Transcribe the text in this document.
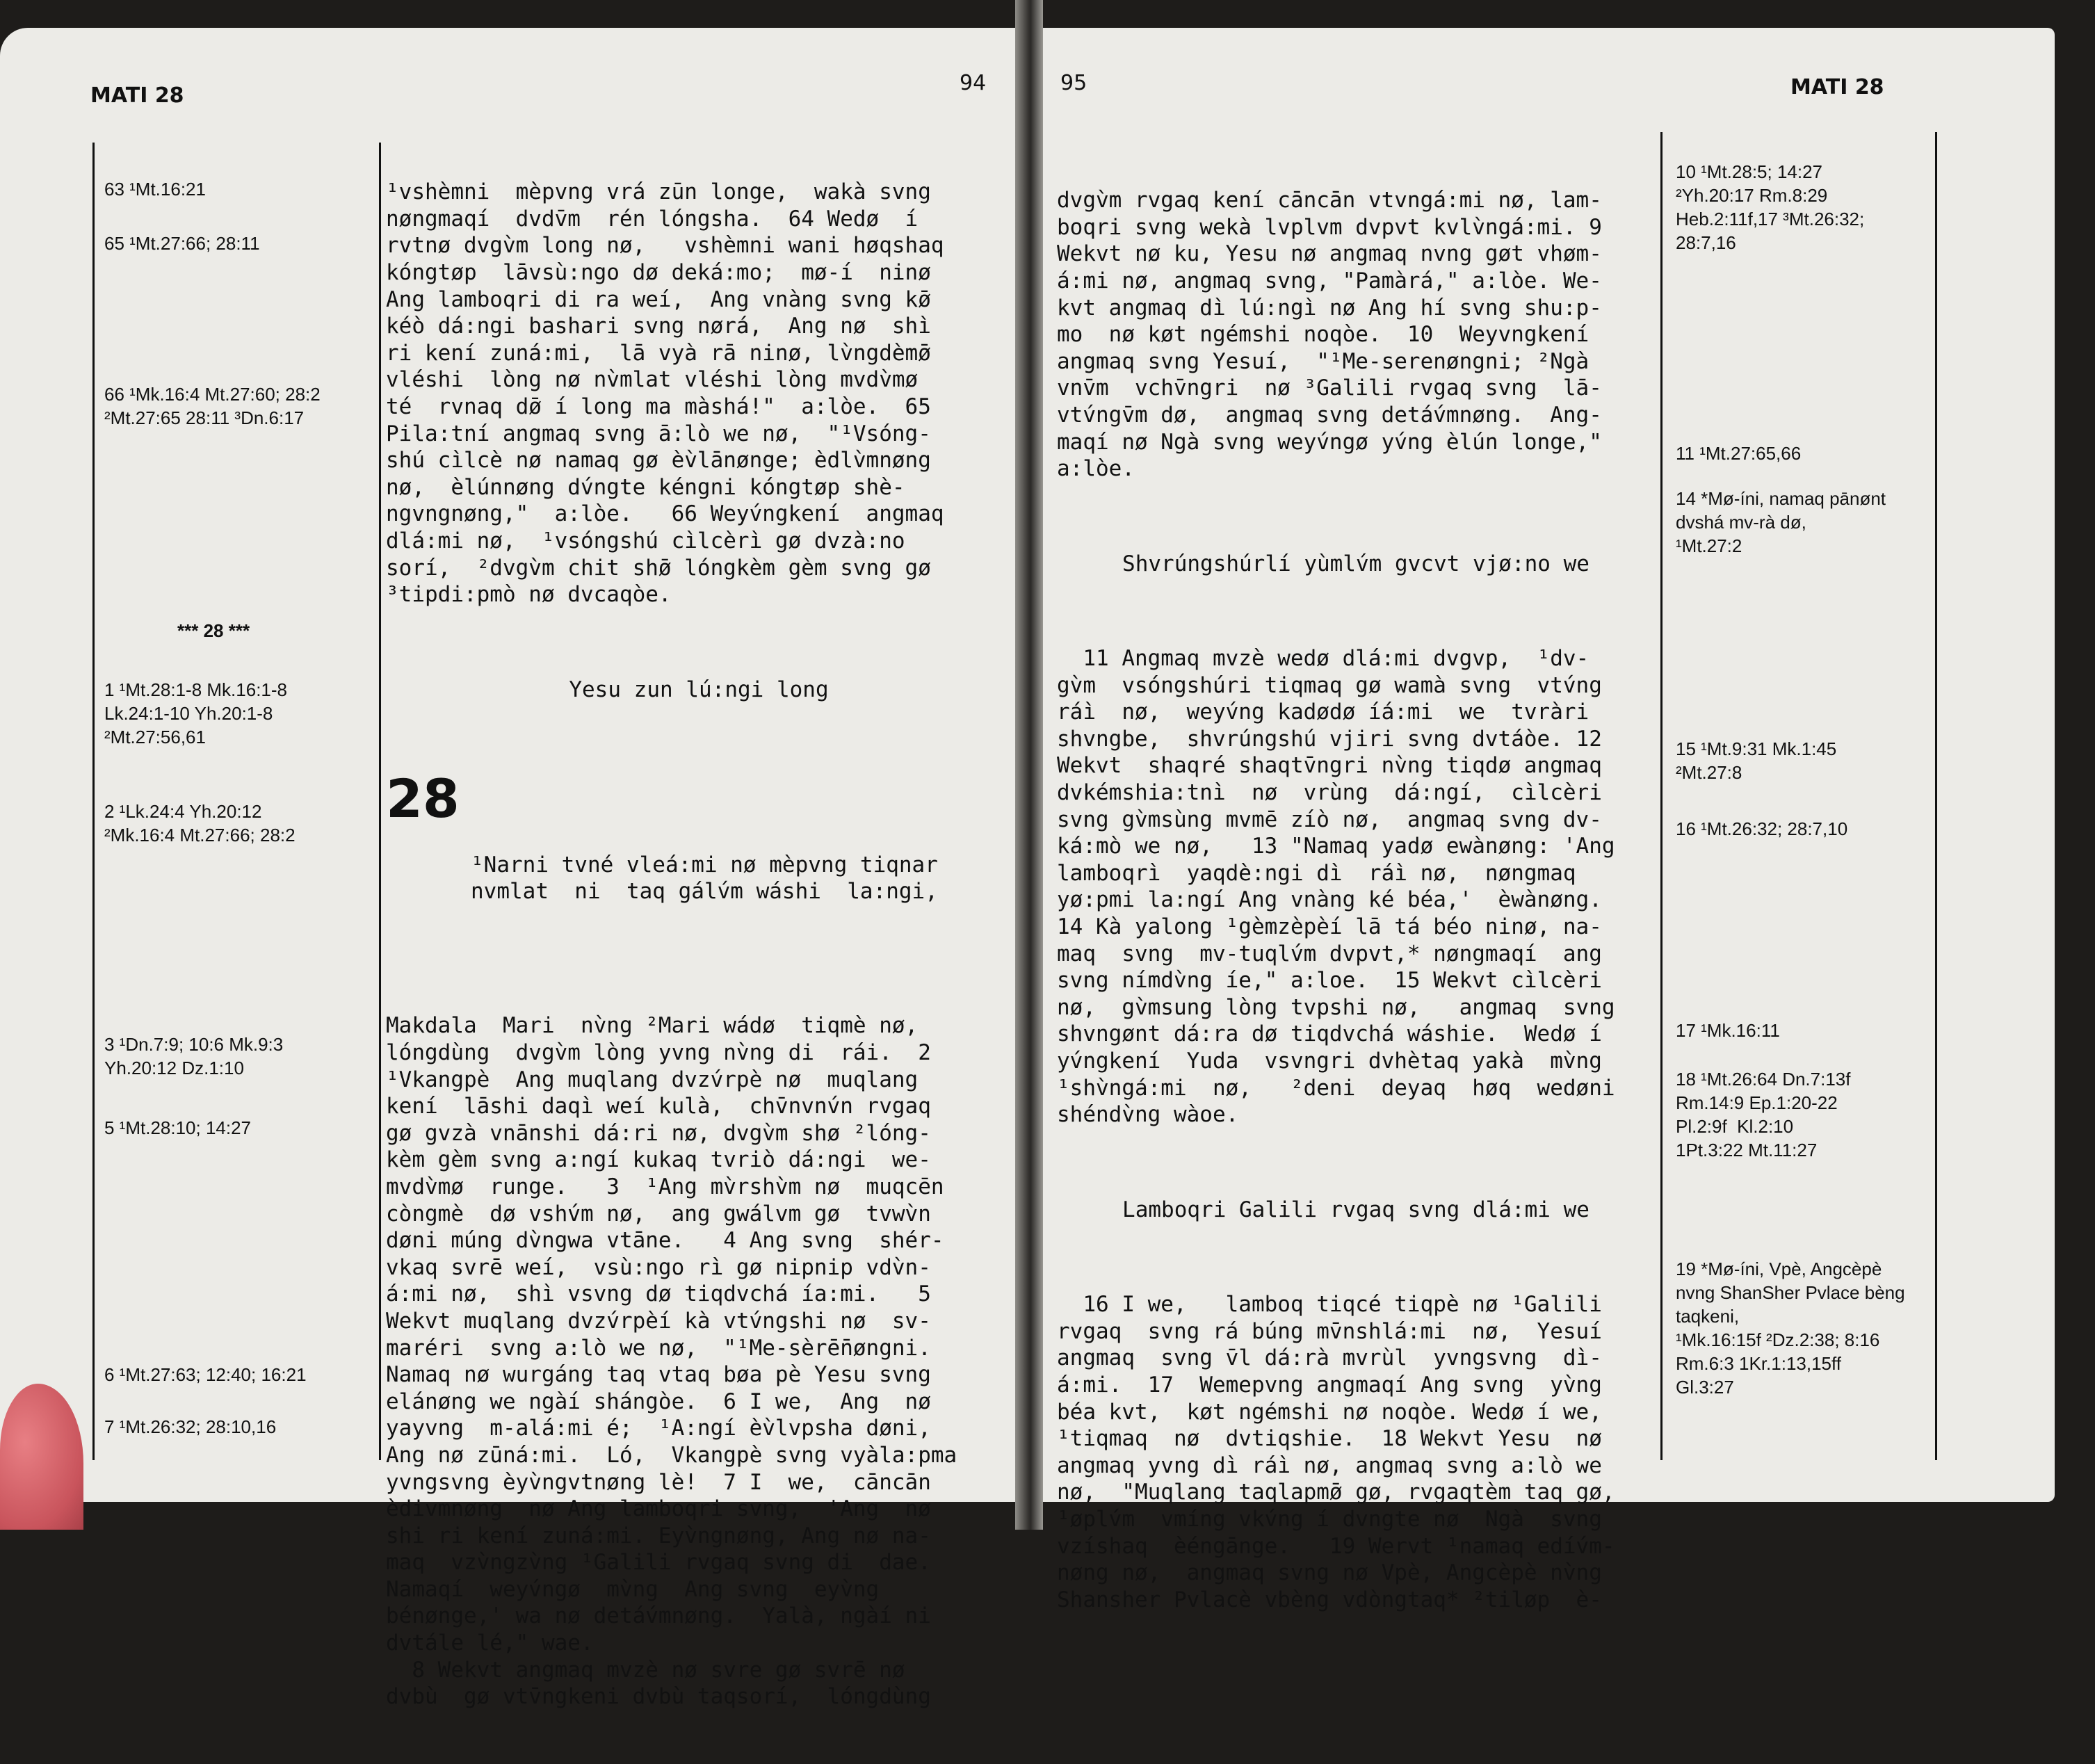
MATI 28
94
63 ¹Mt.16:21
65 ¹Mt.27:66; 28:11
66 ¹Mk.16:4 Mt.27:60; 28:2
²Mt.27:65 28:11 ³Dn.6:17
*** 28 ***
1 ¹Mt.28:1-8 Mk.16:1-8
Lk.24:1-10 Yh.20:1-8
²Mt.27:56,61
2 ¹Lk.24:4 Yh.20:12
²Mk.16:4 Mt.27:66; 28:2
3 ¹Dn.7:9; 10:6 Mk.9:3
Yh.20:12 Dz.1:10
5 ¹Mt.28:10; 14:27
6 ¹Mt.27:63; 12:40; 16:21
7 ¹Mt.26:32; 28:10,16

¹vshèmni  mèpvng vrá zūn longe,  wakà svng
nøngmaqí  dvdv̄m  rén lóngsha.  64 Wedø  í
rvtnø dvgv̀m long nø,   vshèmni wani høqshaq
kóngtøp  lāvsù:ngo dø deká:mo;  mø-í  ninø
Ang lamboqri di ra weí,  Ang vnàng svng kø̄
kéò dá:ngi bashari svng nørá,  Ang nø  shì
ri kení zuná:mi,  lā vyà rā ninø, lv̀ngdèmø̄
vléshi  lòng nø nv̀mlat vléshi lòng mvdv̀mø
té  rvnaq dø̄ í long ma màshá!"  a:lòe.  65
Pila:tní angmaq svng ā:lò we nø,  "¹Vsóng-
shú cìlcè nø namaq gø èv̀lānønge; èdlv̀mnøng
nø,  èlúnnøng dv́ngte kéngni kóngtøp shè-
ngvngnøng,"  a:lòe.   66 Weyv́ngkení  angmaq
dlá:mi nø,  ¹vsóngshú cìlcèrì gø dvzà:no
sorí,  ²dvgv̀m chit shø̄ lóngkèm gèm svng gø
³tipdi:pmò nø dvcaqòe.

Yesu zun lú:ngi long

28

¹Narni tvné vleá:mi nø mèpvng tiqnar
nvmlat  ni  taq gálv́m wáshi  la:ngi,

Makdala  Mari  nv̀ng ²Mari wádø  tiqmè nø,
lóngdùng  dvgv̀m lòng yvng nv̀ng di  rái.  2
¹Vkangpè  Ang muqlang dvzv́rpè nø  muqlang
kení  lāshi daqì weí kulà,  chv̄nvnv́n rvgaq
gø gvzà vnānshi dá:ri nø, dvgv̀m shø ²lóng-
kèm gèm svng a:ngí kukaq tvriò dá:ngi  we-
mvdv̀mø  runge.   3  ¹Ang mv̀rshv̀m nø  muqcēn
còngmè  dø vshv́m nø,  ang gwálvm gø  tvwv̀n
døni múng dv̀ngwa vtāne.   4 Ang svng  shér-
vkaq svrē weí,  vsù:ngo rì gø nipnip vdv̀n-
á:mi nø,  shì vsvng dø tiqdvchá ía:mi.   5
Wekvt muqlang dvzv́rpèí kà vtv́ngshi nø  sv-
maréri  svng a:lò we nø,  "¹Me-sèrē̄nøngni.
Namaq nø wurgáng taq vtaq bøa pè Yesu svng
elánøng we ngàí shángòe.  6 I we,  Ang  nø
yayvng  m-alá:mi é;  ¹A:ngí èv̀lvpsha døni,
Ang nø zūná:mi.  Ló,  Vkangpè svng vyàla:pma
yvngsvng èyv̀ngvtnøng lè!  7 I  we,  cāncān
èdivmnøng  nø Ang lamboqri svng,  'Ang  nø
shi ri kení zuná:mi. Eyv̀ngnøng, Ang nø na-
maq  vzv̀ngzv̀ng ¹Galili rvgaq svng di  dae.
Namaqí  weyv́ngø  mv̀ng  Ang svng  eyv̀ng
bénønge,' wa nø detáv́mnøng.  Yalà, ngàí ni
dvtále lé," wae.
8 Wekvt angmaq mvzè nø svre gø svrē nø
dvbù  gø vtv̄ngkeni dvbù taqsorí,  lóngdùng

95	MATI 28

dvgv̀m rvgaq kení cāncān vtvngá:mi nø, lam-
boqri svng wekà lvplvm dvpvt kvlv̀ngá:mi. 9
Wekvt nø ku, Yesu nø angmaq nvng gøt vhøm-
á:mi nø, angmaq svng, "Pamàrá," a:lòe. We-
kvt angmaq dì lú:ngì nø Ang hí svng shu:p-
mo  nø køt ngémshi noqòe.  10  Weyvngkení
angmaq svng Yesuí,  "¹Me-serenøngni; ²Ngà
vnv̄m  vchv̄ngri  nø ³Galili rvgaq svng  lā-
vtv́ngv̄m dø,  angmaq svng detáv́mnøng.  Ang-
maqí nø Ngà svng weyv́ngø yv́ng èlún longe,"
a:lòe.

Shvrúngshúrlí yùmlv́m gvcvt vjø:no we

11 Angmaq mvzè wedø dlá:mi dvgvp,  ¹dv-
gv̀m  vsóngshúri tiqmaq gø wamà svng  vtv́ng
ráì  nø,  weyv́ng kadødø íá:mi  we  tvràri
shvngbe,  shvrúngshú vjiri svng dvtáòe. 12
Wekvt  shaqré shaqtv̄ngri nv̀ng tiqdø angmaq
dvkémshia:tnì  nø  vrùng  dá:ngí,  cìlcèri
svng gv̀msùng mvmē zíò nø,  angmaq svng dv-
ká:mò we nø,   13 "Namaq yadø ewànøng: 'Ang
lamboqrì  yaqdè:ngi dì  ráì nø,  nøngmaq
yø:pmi la:ngí Ang vnàng ké béa,'  èwànøng.
14 Kà yalong ¹gèmzèpèí lā tá béo ninø, na-
maq  svng  mv-tuqlv́m dvpvt,* nøngmaqí  ang
svng nímdv̀ng íe," a:loe.  15 Wekvt cìlcèri
nø,  gv̀msung lòng tvpshi nø,   angmaq  svng
shvngønt dá:ra dø tiqdvchá wáshie.  Wedø í
yv́ngkení  Yuda  vsvngri dvhètaq yakà  mv̀ng
¹shv̀ngá:mi  nø,   ²deni  deyaq  høq  wedøni
shéndv̀ng wàoe.

Lamboqri Galili rvgaq svng dlá:mi we

16 I we,   lamboq tiqcé tiqpè nø ¹Galili
rvgaq  svng rá búng mv̄nshlá:mi  nø,  Yesuí
angmaq  svng v̄l dá:rà mvrùl  yvngsvng  dì-
á:mi.  17  Wemepvng angmaqí Ang svng  yv̀ng
béa kvt,  køt ngémshi nø noqòe. Wedø í we,
¹tiqmaq  nø  dvtiqshie.  18 Wekvt Yesu  nø
angmaq yvng dì ráì nø, angmaq svng a:lò we
nø,  "Muqlang taqlapmø̄ gø, rvgaqtèm taq gø,
¹øplv́m  vmíng vkv́ng í dvngte nø  Ngà  svng
vzíshaq  èéngānge.   19 Wervt ¹namaq edív́m-
nøng nø,  angmaq svng nø Vpè, Angcèpè nv̀ng
Shansher Pvlacè vbèng vdòngtaq* ²tiløp  è-

10 ¹Mt.28:5; 14:27
²Yh.20:17 Rm.8:29
Heb.2:11f,17 ³Mt.26:32;
28:7,16
11 ¹Mt.27:65,66
14 *Mø-íni, namaq pānønt
dvshá mv-rà dø,
¹Mt.27:2
15 ¹Mt.9:31 Mk.1:45
²Mt.27:8
16 ¹Mt.26:32; 28:7,10
17 ¹Mk.16:11
18 ¹Mt.26:64 Dn.7:13f
Rm.14:9 Ep.1:20-22
Pl.2:9f  Kl.2:10
1Pt.3:22 Mt.11:27
19 *Mø-íni, Vpè, Angcèpè
nvng ShanSher Pvlace bèng
taqkeni,
¹Mk.16:15f ²Dz.2:38; 8:16
Rm.6:3 1Kr.1:13,15ff
Gl.3:27
